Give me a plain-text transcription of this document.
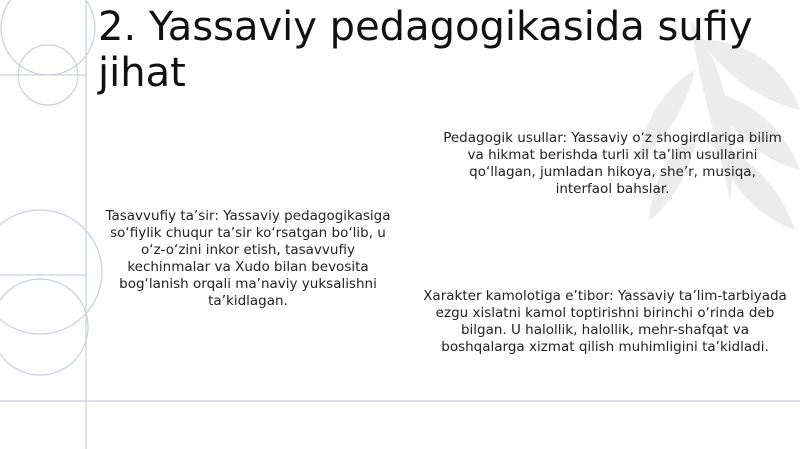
2. Yassaviy pedagogikasida sufiy jihat
Tasavvufiy ta’sir: Yassaviy pedagogikasiga so‘fiylik chuqur ta’sir ko‘rsatgan bo‘lib, u o‘z-o‘zini inkor etish, tasavvufiy kechinmalar va Xudo bilan bevosita bog‘lanish orqali ma’naviy yuksalishni ta’kidlagan.
Pedagogik usullar: Yassaviy o‘z shogirdlariga bilim va hikmat berishda turli xil ta’lim usullarini qo‘llagan, jumladan hikoya, she’r, musiqa, interfaol bahslar.
Xarakter kamolotiga e’tibor: Yassaviy ta’lim-tarbiyada ezgu xislatni kamol toptirishni birinchi o‘rinda deb bilgan. U halollik, halollik, mehr-shafqat va boshqalarga xizmat qilish muhimligini ta’kidladi.
